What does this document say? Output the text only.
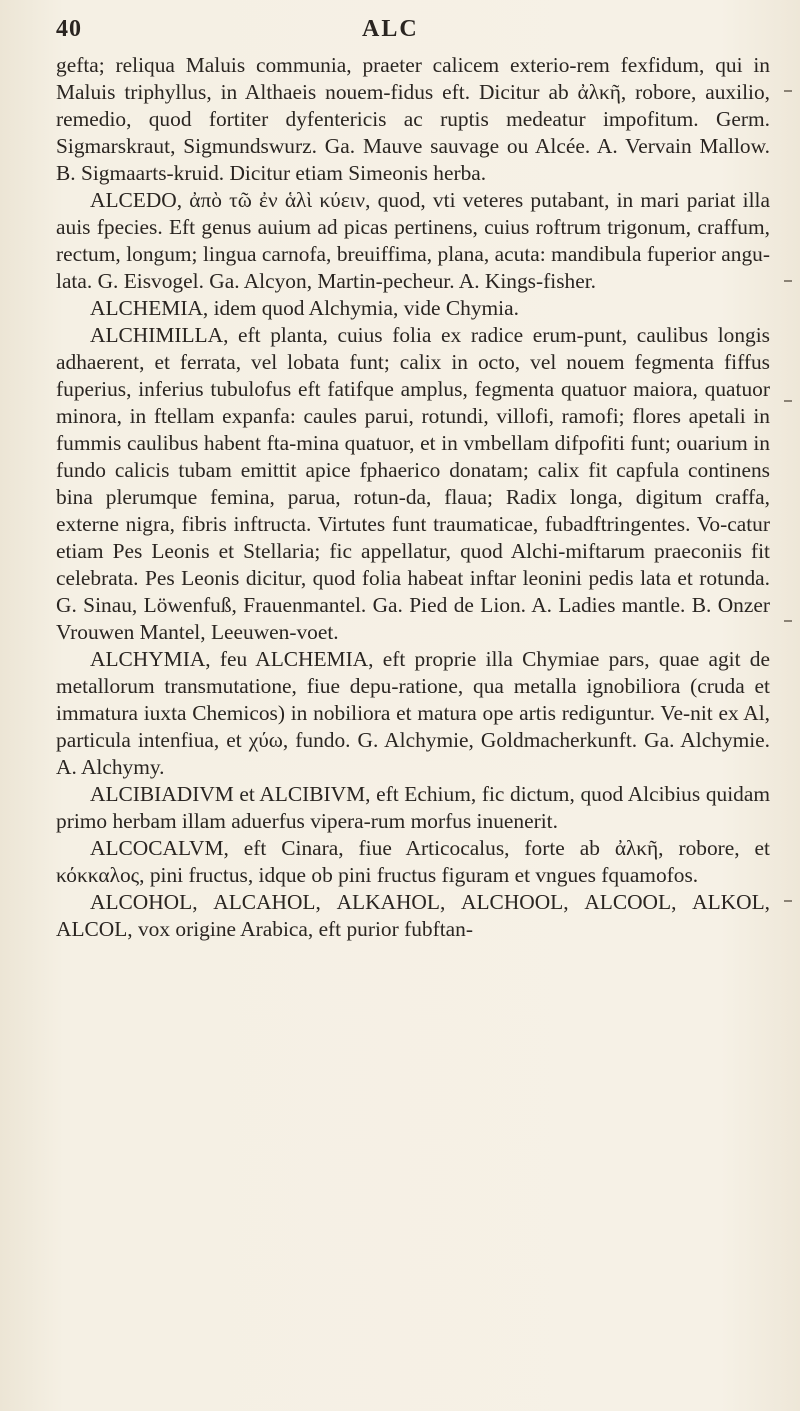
40	ALC

gefta; reliqua Maluis communia, praeter calicem exterio-rem fexfidum, qui in Maluis triphyllus, in Althaeis nouem-fidus eft. Dicitur ab ἀλκῆ, robore, auxilio, remedio, quod fortiter dyfentericis ac ruptis medeatur impofitum. Germ. Sigmarskraut, Sigmundswurz. Ga. Mauve sauvage ou Alcée. A. Vervain Mallow. B. Sigmaarts-kruid. Dicitur etiam Simeonis herba.

ALCEDO, ἀπὸ τῶ ἐν ἁλὶ κύειν, quod, vti veteres putabant, in mari pariat illa auis fpecies. Eft genus auium ad picas pertinens, cuius roftrum trigonum, craffum, rectum, longum; lingua carnofa, breuiffima, plana, acuta: mandibula fuperior angu-lata. G. Eisvogel. Ga. Alcyon, Martin-pecheur. A. Kings-fisher.

ALCHEMIA, idem quod Alchymia, vide Chymia.

ALCHIMILLA, eft planta, cuius folia ex radice erum-punt, caulibus longis adhaerent, et ferrata, vel lobata funt; calix in octo, vel nouem fegmenta fiffus fuperius, inferius tubulofus eft fatifque amplus, fegmenta quatuor maiora, quatuor minora, in ftellam expanfa: caules parui, rotundi, villofi, ramofi; flores apetali in fummis caulibus habent fta-mina quatuor, et in vmbellam difpofiti funt; ouarium in fundo calicis tubam emittit apice fphaerico donatam; calix fit capfula continens bina plerumque femina, parua, rotun-da, flaua; Radix longa, digitum craffa, externe nigra, fibris inftructa. Virtutes funt traumaticae, fubadftringentes. Vo-catur etiam Pes Leonis et Stellaria; fic appellatur, quod Alchi-miftarum praeconiis fit celebrata. Pes Leonis dicitur, quod folia habeat inftar leonini pedis lata et rotunda. G. Sinau, Löwenfuß, Frauenmantel. Ga. Pied de Lion. A. Ladies mantle. B. Onzer Vrouwen Mantel, Leeuwen-voet.

ALCHYMIA, feu ALCHEMIA, eft proprie illa Chymiae pars, quae agit de metallorum transmutatione, fiue depu-ratione, qua metalla ignobiliora (cruda et immatura iuxta Chemicos) in nobiliora et matura ope artis rediguntur. Ve-nit ex Al, particula intenfiua, et χύω, fundo. G. Alchymie, Goldmacherkunft. Ga. Alchymie. A. Alchymy.

ALCIBIADIVM et ALCIBIVM, eft Echium, fic dictum, quod Alcibius quidam primo herbam illam aduerfus vipera-rum morfus inuenerit.

ALCOCALVM, eft Cinara, fiue Articocalus, forte ab ἀλκῆ, robore, et κόκκαλος, pini fructus, idque ob pini fructus figuram et vngues fquamofos.

ALCOHOL, ALCAHOL, ALKAHOL, ALCHOOL, ALCOOL, ALKOL, ALCOL, vox origine Arabica, eft purior fubftan-
